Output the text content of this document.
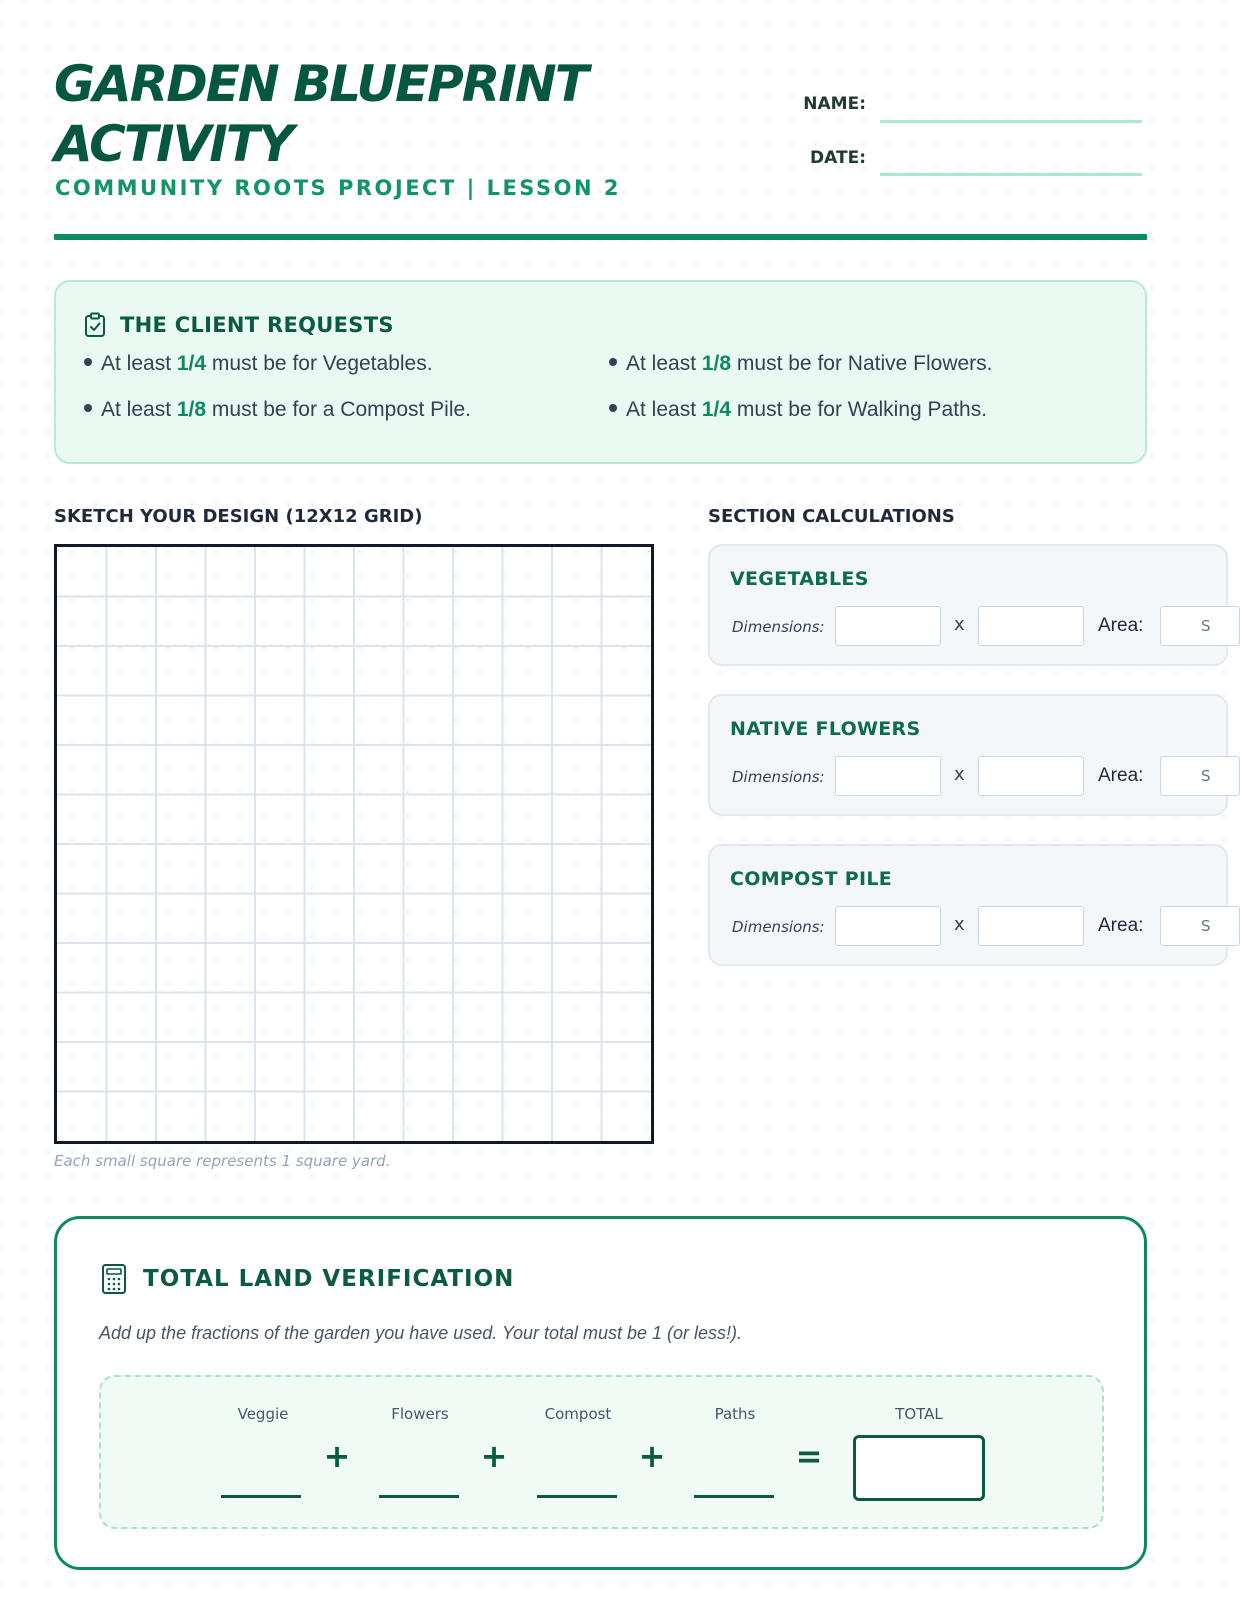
GARDEN BLUEPRINT
ACTIVITY
COMMUNITY ROOTS PROJECT | LESSON 2
NAME:
DATE:
THE CLIENT REQUESTS
At least 1/4 must be for Vegetables.	At least 1/8 must be for Native Flowers.
At least 1/8 must be for a Compost Pile.	At least 1/4 must be for Walking Paths.
SKETCH YOUR DESIGN (12X12 GRID)
Each small square represents 1 square yard.
SECTION CALCULATIONS
VEGETABLES
Dimensions:	x	Area:	S
NATIVE FLOWERS
Dimensions:	x	Area:	S
COMPOST PILE
Dimensions:	x	Area:	S
TOTAL LAND VERIFICATION
Add up the fractions of the garden you have used. Your total must be 1 (or less!).
Veggie
+
Flowers
+
Compost
+
Paths
=
TOTAL
